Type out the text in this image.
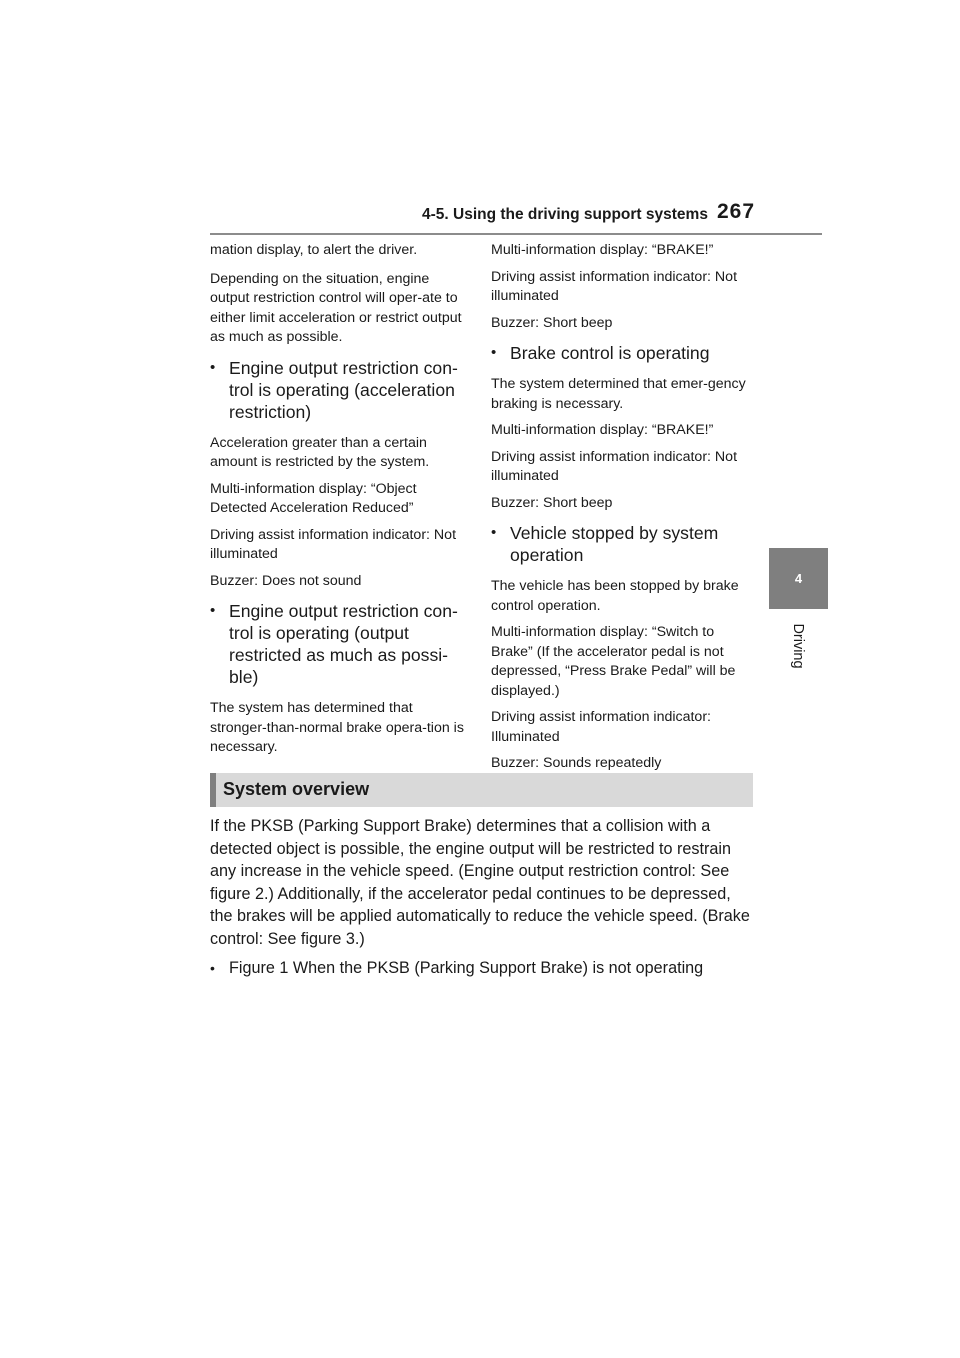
4-5. Using the driving support systems 267
4
Driving

mation display, to alert the driver.

Depending on the situation, engine output restriction control will oper-ate to either limit acceleration or restrict output as much as possible.

• Engine output restriction con-trol is operating (acceleration restriction)

Acceleration greater than a certain amount is restricted by the system.

Multi-information display: “Object Detected Acceleration Reduced”

Driving assist information indicator: Not illuminated

Buzzer: Does not sound

• Engine output restriction con-trol is operating (output restricted as much as possi-ble)

The system has determined that stronger-than-normal brake opera-tion is necessary.

Multi-information display: “BRAKE!”

Driving assist information indicator: Not illuminated

Buzzer: Short beep

• Brake control is operating

The system determined that emer-gency braking is necessary.

Multi-information display: “BRAKE!”

Driving assist information indicator: Not illuminated

Buzzer: Short beep

• Vehicle stopped by system operation

The vehicle has been stopped by brake control operation.

Multi-information display: “Switch to Brake” (If the accelerator pedal is not depressed, “Press Brake Pedal” will be displayed.)

Driving assist information indicator: Illuminated

Buzzer: Sounds repeatedly

System overview

If the PKSB (Parking Support Brake) determines that a collision with a detected object is possible, the engine output will be restricted to restrain any increase in the vehicle speed. (Engine output restriction control: See figure 2.) Additionally, if the accelerator pedal continues to be depressed, the brakes will be applied automatically to reduce the vehicle speed. (Brake control: See figure 3.)

• Figure 1 When the PKSB (Parking Support Brake) is not operating
